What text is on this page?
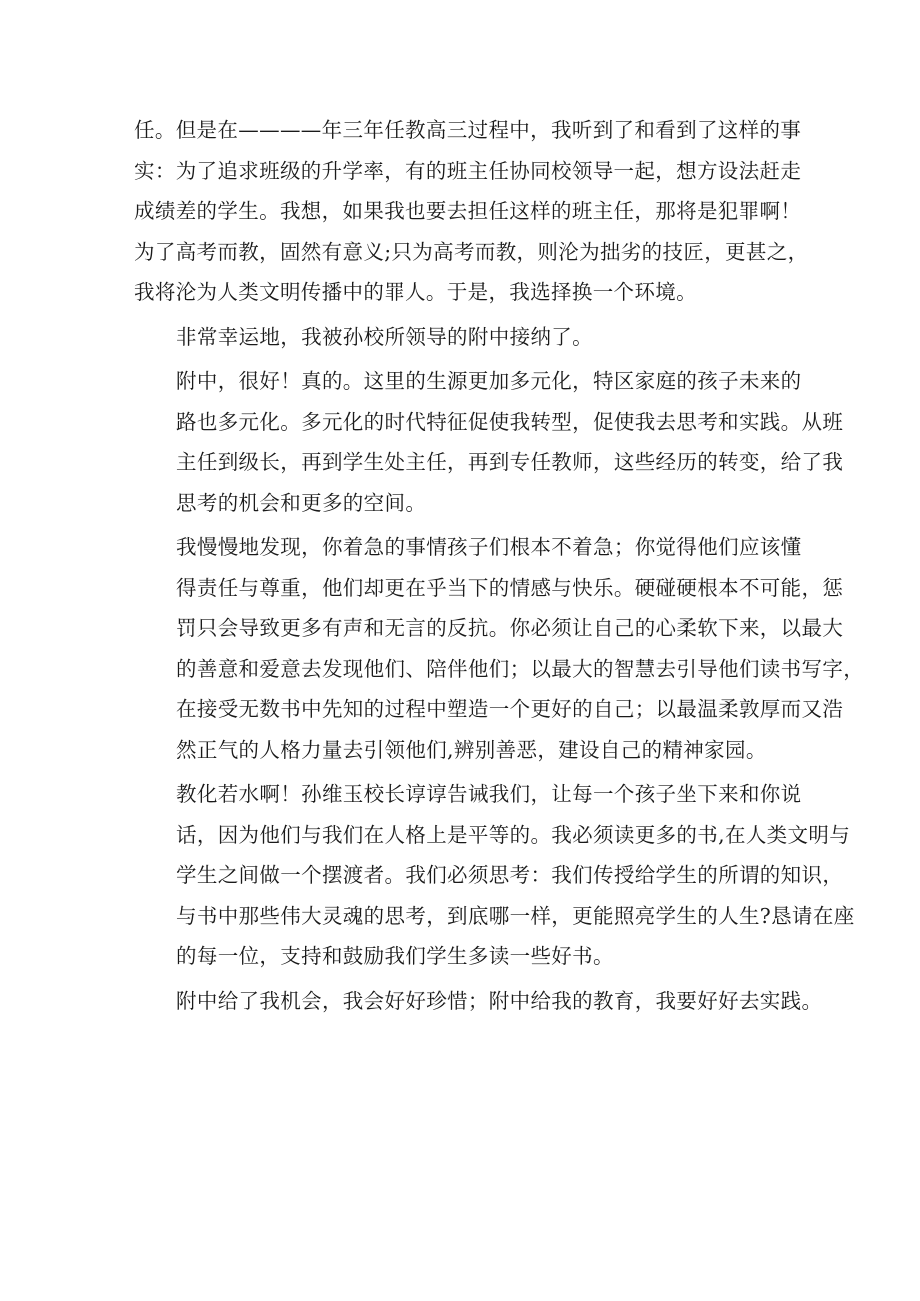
任。但是在————年三年任教高三过程中，我听到了和看到了这样的事
实：为了追求班级的升学率，有的班主任协同校领导一起，想方设法赶走
成绩差的学生。我想，如果我也要去担任这样的班主任，那将是犯罪啊！
为了高考而教，固然有意义;只为高考而教，则沦为拙劣的技匠，更甚之，
我将沦为人类文明传播中的罪人。于是，我选择换一个环境。

非常幸运地，我被孙校所领导的附中接纳了。

附中，很好！真的。这里的生源更加多元化，特区家庭的孩子未来的
路也多元化。多元化的时代特征促使我转型，促使我去思考和实践。从班
主任到级长，再到学生处主任，再到专任教师，这些经历的转变，给了我
思考的机会和更多的空间。

我慢慢地发现，你着急的事情孩子们根本不着急；你觉得他们应该懂
得责任与尊重，他们却更在乎当下的情感与快乐。硬碰硬根本不可能，惩
罚只会导致更多有声和无言的反抗。你必须让自己的心柔软下来，以最大
的善意和爱意去发现他们、陪伴他们；以最大的智慧去引导他们读书写字，
在接受无数书中先知的过程中塑造一个更好的自己；以最温柔敦厚而又浩
然正气的人格力量去引领他们,辨别善恶，建设自己的精神家园。

教化若水啊！孙维玉校长谆谆告诫我们，让每一个孩子坐下来和你说
话，因为他们与我们在人格上是平等的。我必须读更多的书,在人类文明与
学生之间做一个摆渡者。我们必须思考：我们传授给学生的所谓的知识，
与书中那些伟大灵魂的思考，到底哪一样，更能照亮学生的人生?恳请在座
的每一位，支持和鼓励我们学生多读一些好书。

附中给了我机会，我会好好珍惜；附中给我的教育，我要好好去实践。
